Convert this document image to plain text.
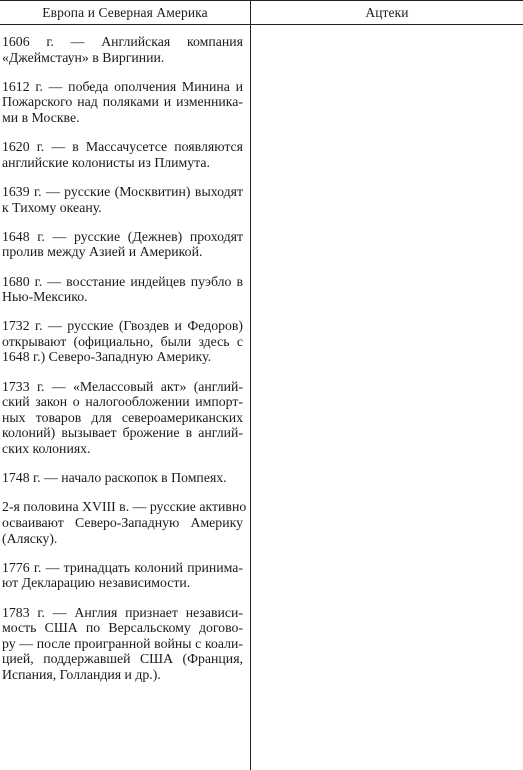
Европа и Северная Америка	Ацтеки
1606 г. — Английская компания
«Джеймстаун» в Виргинии.
1612 г. — победа ополчения Минина и
Пожарского над поляками и изменника-
ми в Москве.
1620 г. — в Массачусетсе появляются
английские колонисты из Плимута.
1639 г. — русские (Москвитин) выходят
к Тихому океану.
1648 г. — русские (Дежнев) проходят
пролив между Азией и Америкой.
1680 г. — восстание индейцев пуэбло в
Нью-Мексико.
1732 г. — русские (Гвоздев и Федоров)
открывают (официально, были здесь с
1648 г.) Северо-Западную Америку.
1733 г. — «Мелассовый акт» (англий-
ский закон о налогообложении импорт-
ных товаров для североамериканских
колоний) вызывает брожение в англий-
ских колониях.
1748 г. — начало раскопок в Помпеях.
2-я половина XVIII в. — русские активно
осваивают Северо-Западную Америку
(Аляску).
1776 г. — тринадцать колоний принима-
ют Декларацию независимости.
1783 г. — Англия признает независи-
мость США по Версальскому догово-
ру — после проигранной войны с коали-
цией, поддержавшей США (Франция,
Испания, Голландия и др.).
